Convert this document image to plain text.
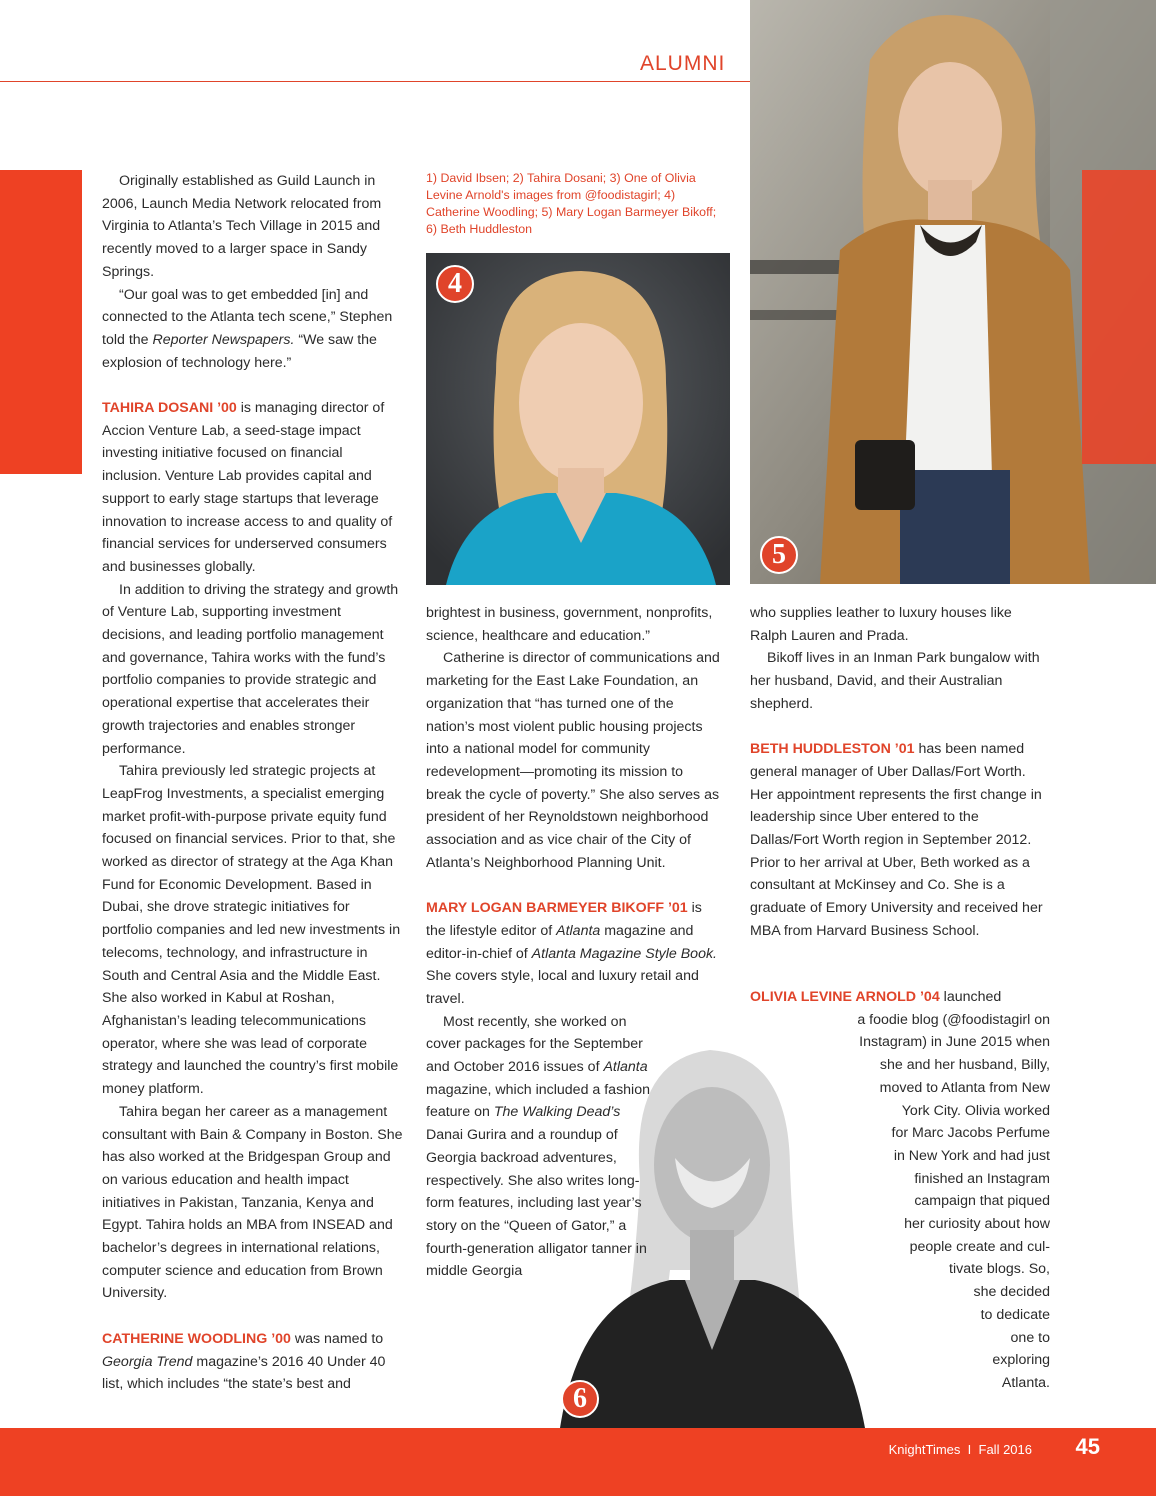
ALUMNI
5
1) David Ibsen; 2) Tahira Dosani; 3) One of Olivia Levine Arnold's images from @foodistagirl; 4) Catherine Woodling; 5) Mary Logan Barmeyer Bikoff; 6) Beth Huddleston
4

Originally established as Guild Launch in 2006, Launch Media Network relocated from Virginia to Atlanta’s Tech Village in 2015 and recently moved to a larger space in Sandy Springs.

“Our goal was to get embedded [in] and connected to the Atlanta tech scene,” Stephen told the Reporter Newspapers. “We saw the explosion of technology here.”

TAHIRA DOSANI ’00 is managing director of Accion Venture Lab, a seed-stage impact investing initiative focused on financial inclusion. Venture Lab provides capital and support to early stage startups that leverage innovation to increase access to and quality of financial services for underserved consumers and businesses globally.

In addition to driving the strategy and growth of Venture Lab, supporting investment decisions, and leading portfolio management and governance, Tahira works with the fund’s portfolio companies to provide strategic and operational expertise that accelerates their growth trajectories and enables stronger performance.

Tahira previously led strategic projects at LeapFrog Investments, a specialist emerging market profit-with-purpose private equity fund focused on financial services. Prior to that, she worked as director of strategy at the Aga Khan Fund for Economic Development. Based in Dubai, she drove strategic initiatives for portfolio companies and led new investments in telecoms, technology, and infrastructure in South and Central Asia and the Middle East. She also worked in Kabul at Roshan, Afghanistan’s leading telecommunications operator, where she was lead of corporate strategy and launched the country’s first mobile money platform.

Tahira began her career as a management consultant with Bain & Company in Boston. She has also worked at the Bridgespan Group and on various education and health impact initiatives in Pakistan, Tanzania, Kenya and Egypt. Tahira holds an MBA from INSEAD and bachelor’s degrees in international relations, computer science and education from Brown University.

CATHERINE WOODLING ’00 was named to Georgia Trend magazine’s 2016 40 Under 40 list, which includes “the state’s best and	6

brightest in business, government, nonprofits, science, healthcare and education.”

Catherine is director of communications and marketing for the East Lake Foundation, an organization that “has turned one of the nation’s most violent public housing projects into a national model for community redevelopment—promoting its mission to break the cycle of poverty.” She also serves as president of her Reynoldstown neighborhood association and as vice chair of the City of Atlanta’s Neighborhood Planning Unit.

MARY LOGAN BARMEYER BIKOFF ’01 is the lifestyle editor of Atlanta magazine and editor-in-chief of Atlanta Magazine Style Book. She covers style, local and luxury retail and travel.

Most recently, she worked on cover packages for the September and October 2016 issues of Atlanta magazine, which included a fashion feature on The Walking Dead’s Danai Gurira and a roundup of Georgia backroad adventures, respectively. She also writes long-form features, including last year’s story on the “Queen of Gator,” a fourth-generation alligator tanner in middle Georgia

who supplies leather to luxury houses like Ralph Lauren and Prada.

Bikoff lives in an Inman Park bungalow with her husband, David, and their Australian shepherd.

BETH HUDDLESTON ’01 has been named general manager of Uber Dallas/Fort Worth. Her appointment represents the first change in leadership since Uber entered to the Dallas/Fort Worth region in September 2012. Prior to her arrival at Uber, Beth worked as a consultant at McKinsey and Co. She is a graduate of Emory University and received her MBA from Harvard Business School.

OLIVIA LEVINE ARNOLD ’04 launched
a foodie blog (@foodistagirl on
Instagram) in June 2015 when
she and her husband, Billy,
moved to Atlanta from New
York City. Olivia worked
for Marc Jacobs Perfume
in New York and had just
finished an Instagram
campaign that piqued
her curiosity about how
people create and cul-
tivate blogs. So,
she decided
to dedicate
one to
exploring
Atlanta.
KnightTimes I Fall 2016 45
